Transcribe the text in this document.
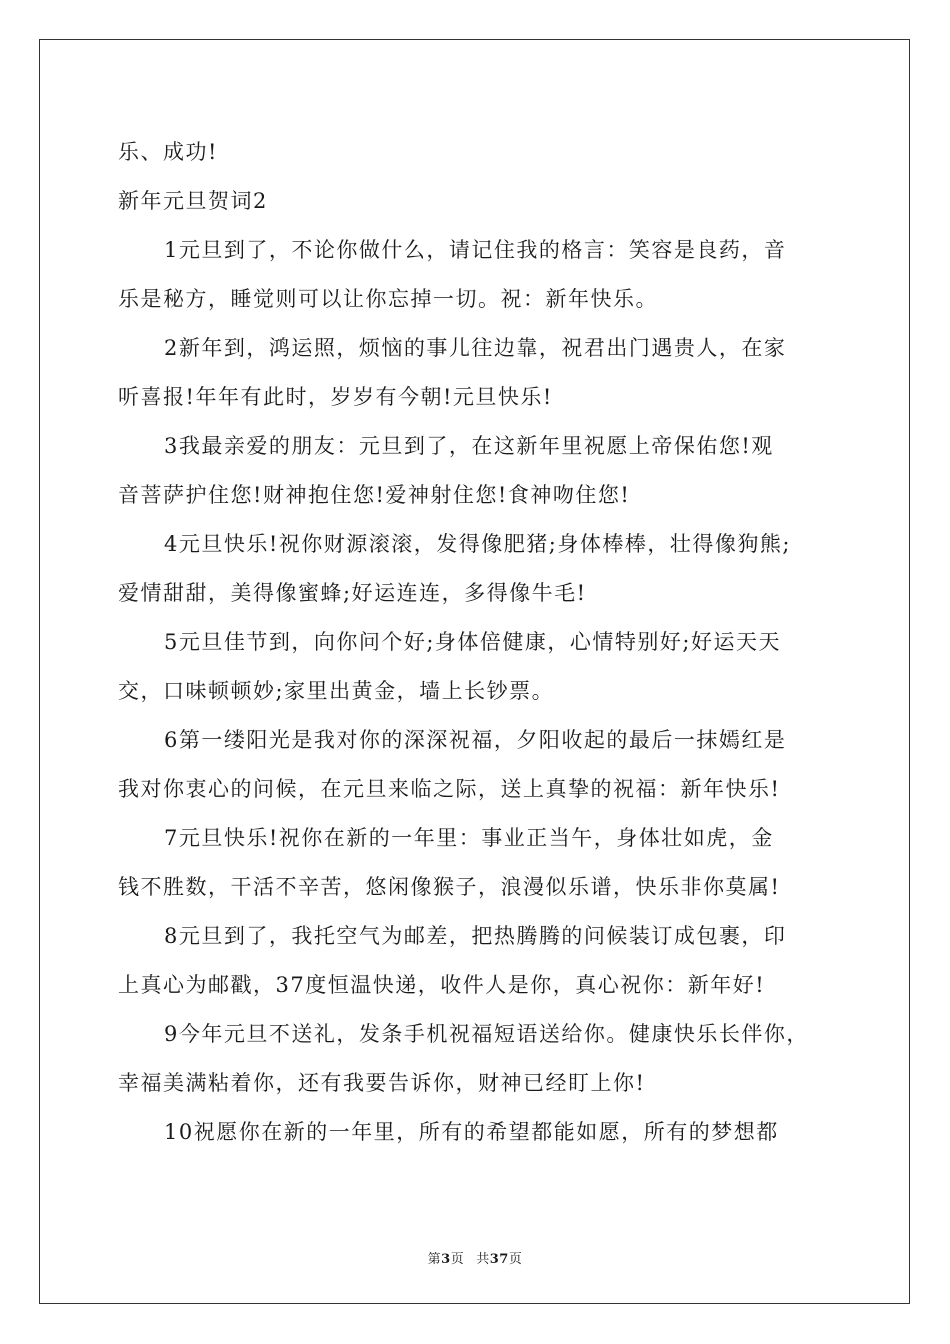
乐、成功!
新年元旦贺词2
1元旦到了，不论你做什么，请记住我的格言：笑容是良药，音
乐是秘方，睡觉则可以让你忘掉一切。祝：新年快乐。
2新年到，鸿运照，烦恼的事儿往边靠，祝君出门遇贵人，在家
听喜报!年年有此时，岁岁有今朝!元旦快乐!
3我最亲爱的朋友：元旦到了，在这新年里祝愿上帝保佑您!观
音菩萨护住您!财神抱住您!爱神射住您!食神吻住您!
4元旦快乐!祝你财源滚滚，发得像肥猪;身体棒棒，壮得像狗熊;
爱情甜甜，美得像蜜蜂;好运连连，多得像牛毛!
5元旦佳节到，向你问个好;身体倍健康，心情特别好;好运天天
交，口味顿顿妙;家里出黄金，墙上长钞票。
6第一缕阳光是我对你的深深祝福，夕阳收起的最后一抹嫣红是
我对你衷心的问候，在元旦来临之际，送上真挚的祝福：新年快乐!
7元旦快乐!祝你在新的一年里：事业正当午，身体壮如虎，金
钱不胜数，干活不辛苦，悠闲像猴子，浪漫似乐谱，快乐非你莫属!
8元旦到了，我托空气为邮差，把热腾腾的问候装订成包裹，印
上真心为邮戳，37度恒温快递，收件人是你，真心祝你：新年好!
9今年元旦不送礼，发条手机祝福短语送给你。健康快乐长伴你，
幸福美满粘着你，还有我要告诉你，财神已经盯上你!
10祝愿你在新的一年里，所有的希望都能如愿，所有的梦想都
第3页 共37页
